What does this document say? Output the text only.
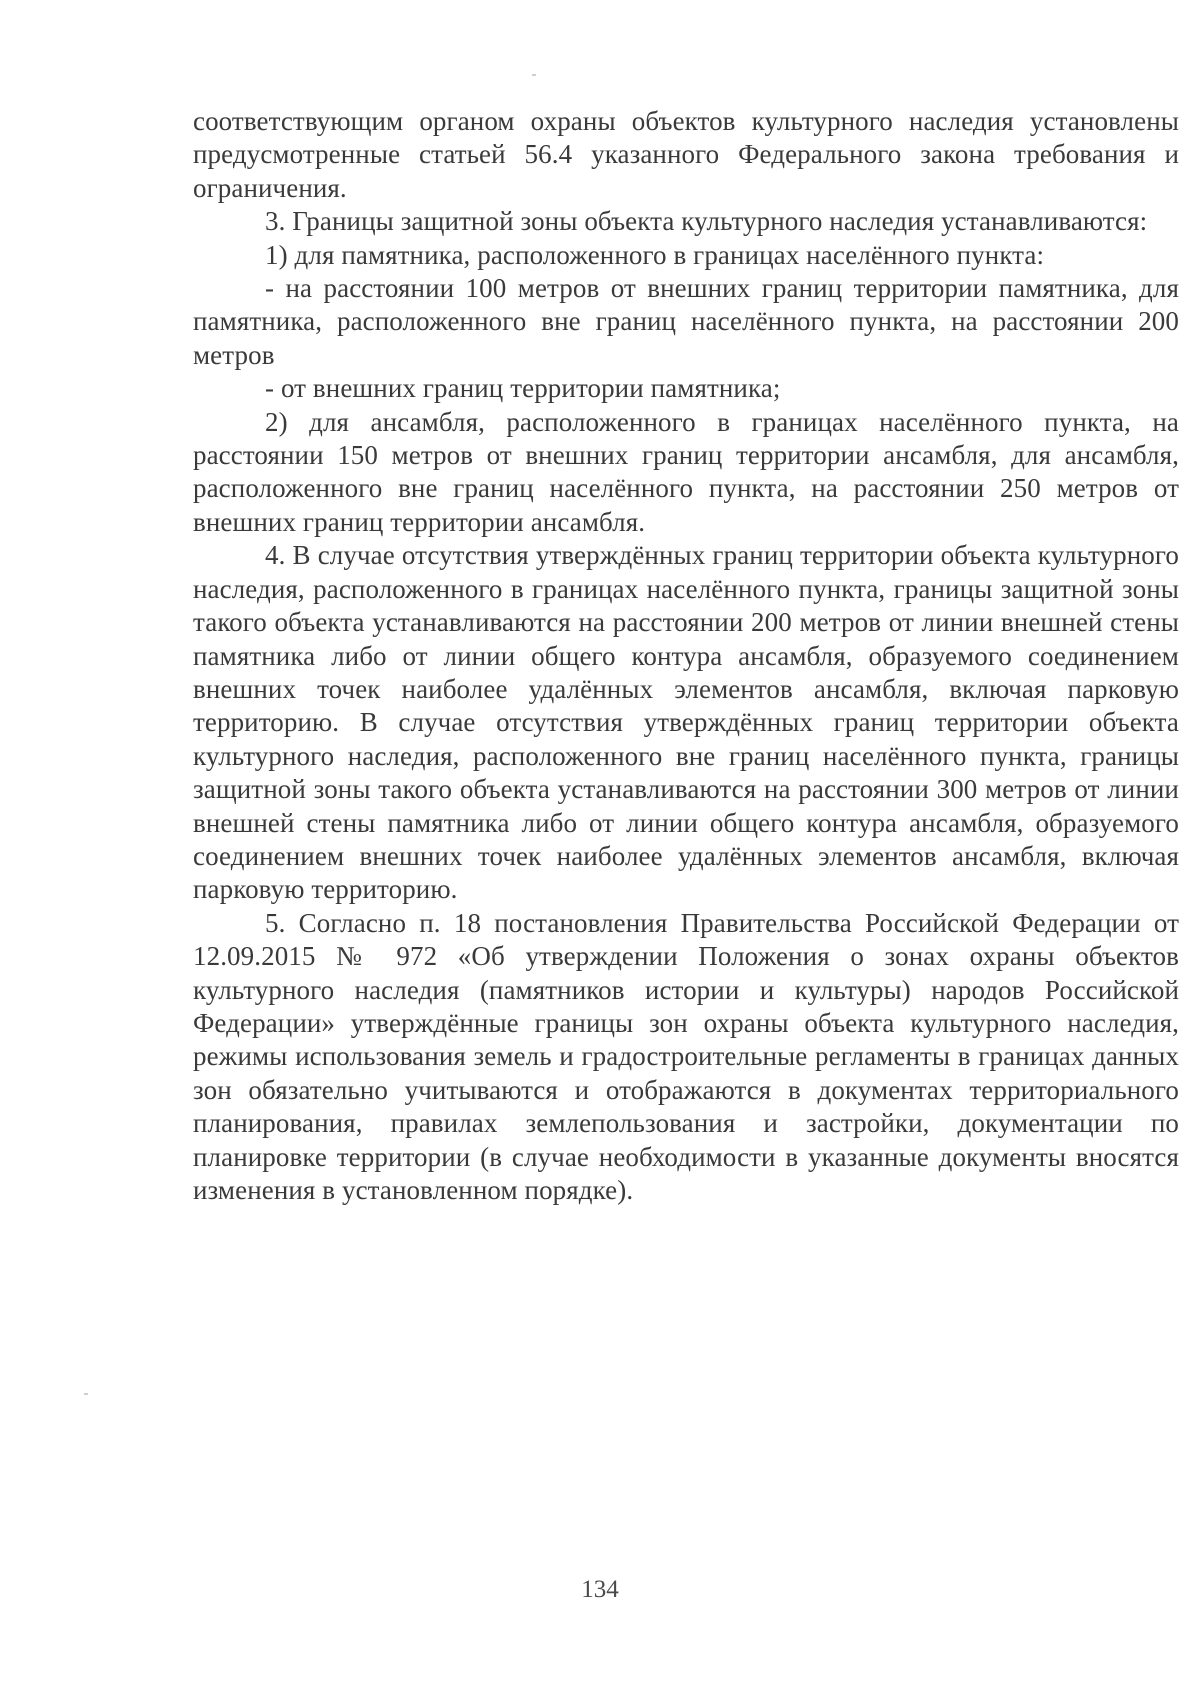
соответствующим органом охраны объектов культурного наследия установлены предусмотренные статьей 56.4 указанного Федерального закона требования и ограничения.

3. Границы защитной зоны объекта культурного наследия устанавливаются:

1) для памятника, расположенного в границах населённого пункта:

- на расстоянии 100 метров от внешних границ территории памятника, для памятника, расположенного вне границ населённого пункта, на расстоянии 200 метров

- от внешних границ территории памятника;

2) для ансамбля, расположенного в границах населённого пункта, на расстоянии 150 метров от внешних границ территории ансамбля, для ансамбля, расположенного вне границ населённого пункта, на расстоянии 250 метров от внешних границ территории ансамбля.

4. В случае отсутствия утверждённых границ территории объекта культурного наследия, расположенного в границах населённого пункта, границы защитной зоны такого объекта устанавливаются на расстоянии 200 метров от линии внешней стены памятника либо от линии общего контура ансамбля, образуемого соединением внешних точек наиболее удалённых элементов ансамбля, включая парковую территорию. В случае отсутствия утверждённых границ территории объекта культурного наследия, расположенного вне границ населённого пункта, границы защитной зоны такого объекта устанавливаются на расстоянии 300 метров от линии внешней стены памятника либо от линии общего контура ансамбля, образуемого соединением внешних точек наиболее удалённых элементов ансамбля, включая парковую территорию.

5. Согласно п. 18 постановления Правительства Российской Федерации от 12.09.2015 № 972 «Об утверждении Положения о зонах охраны объектов культурного наследия (памятников истории и культуры) народов Российской Федерации» утверждённые границы зон охраны объекта культурного наследия, режимы использования земель и градостроительные регламенты в границах данных зон обязательно учитываются и отображаются в документах территориального планирования, правилах землепользования и застройки, документации по планировке территории (в случае необходимости в указанные документы вносятся изменения в установленном порядке).

134
